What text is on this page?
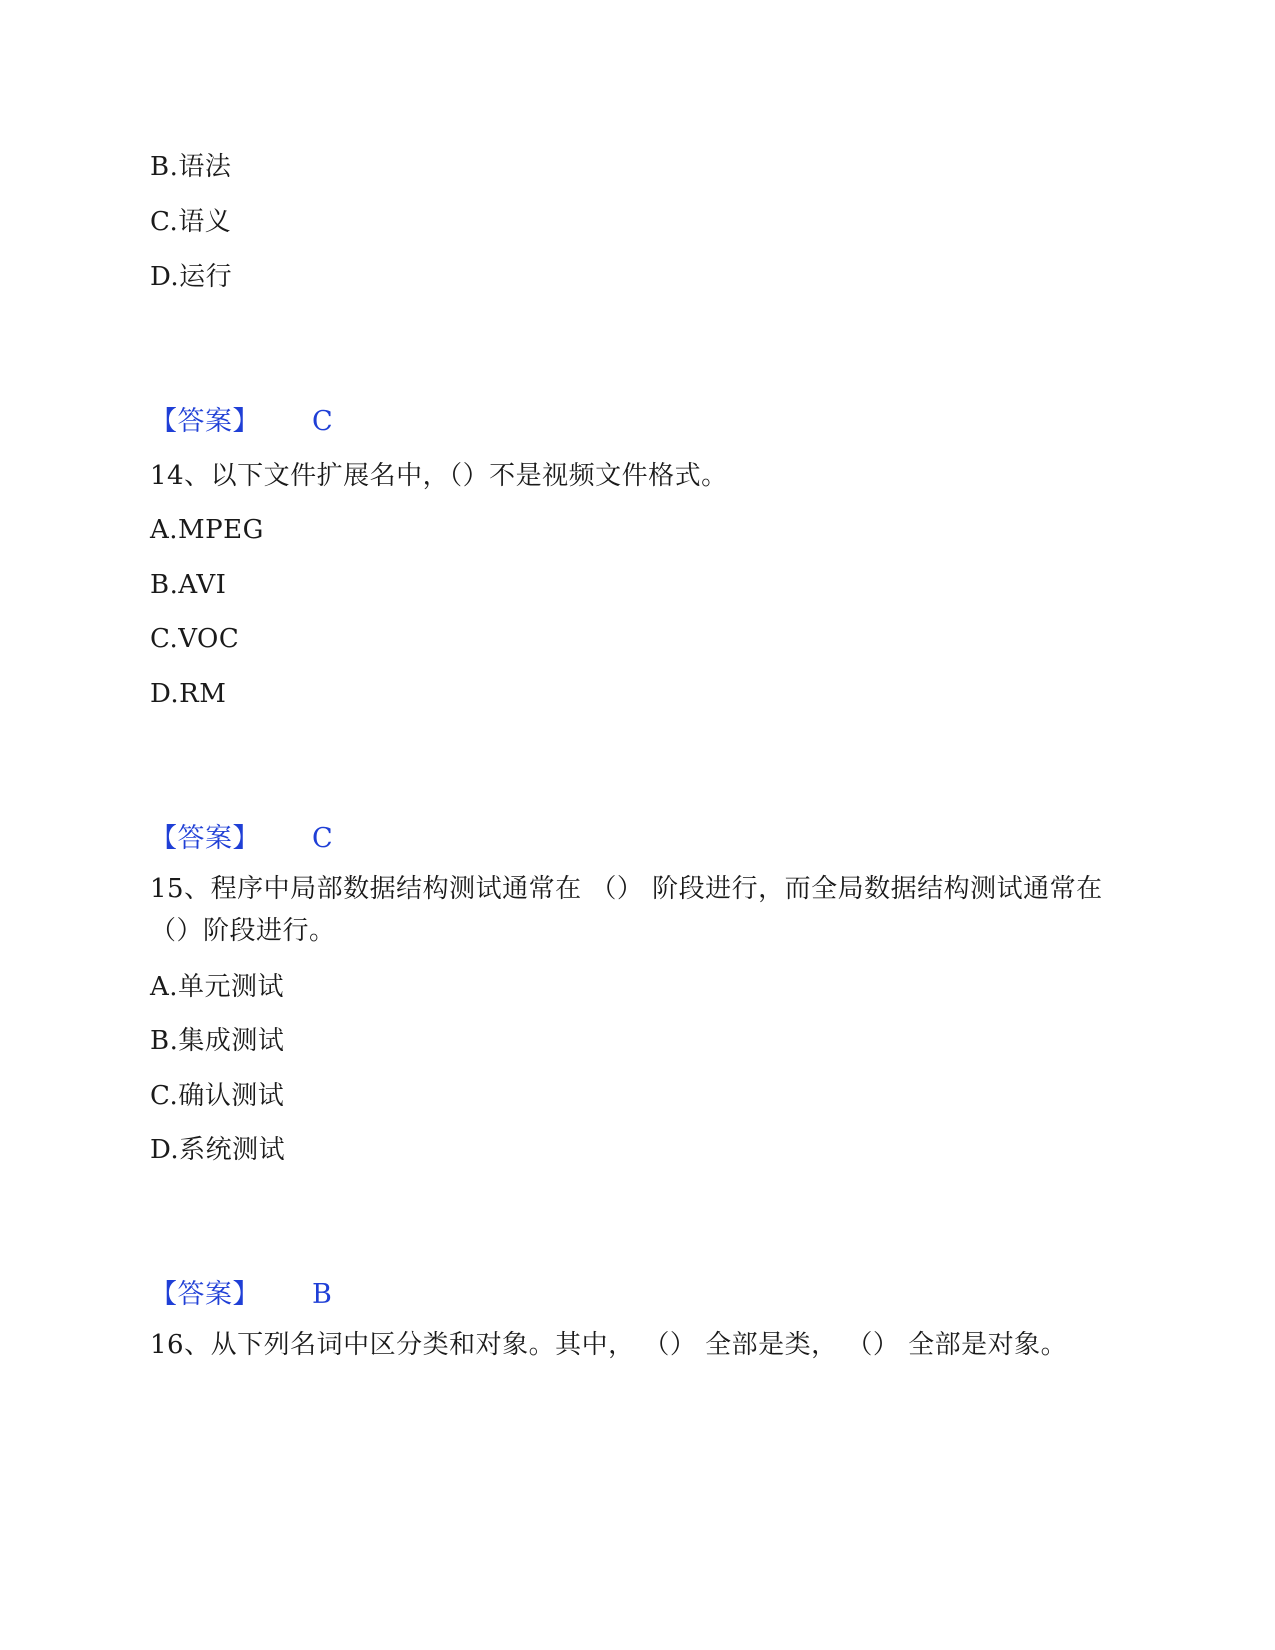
B.语法
C.语义
D.运行
【答案】 C
14、以下文件扩展名中，（）不是视频文件格式。
A.MPEG
B.AVI
C.VOC
D.RM
【答案】 C
15、程序中局部数据结构测试通常在 （） 阶段进行，而全局数据结构测试通常在 （）阶段进行。
A.单元测试
B.集成测试
C.确认测试
D.系统测试
【答案】 B
16、从下列名词中区分类和对象。其中， （） 全部是类， （） 全部是对象。
